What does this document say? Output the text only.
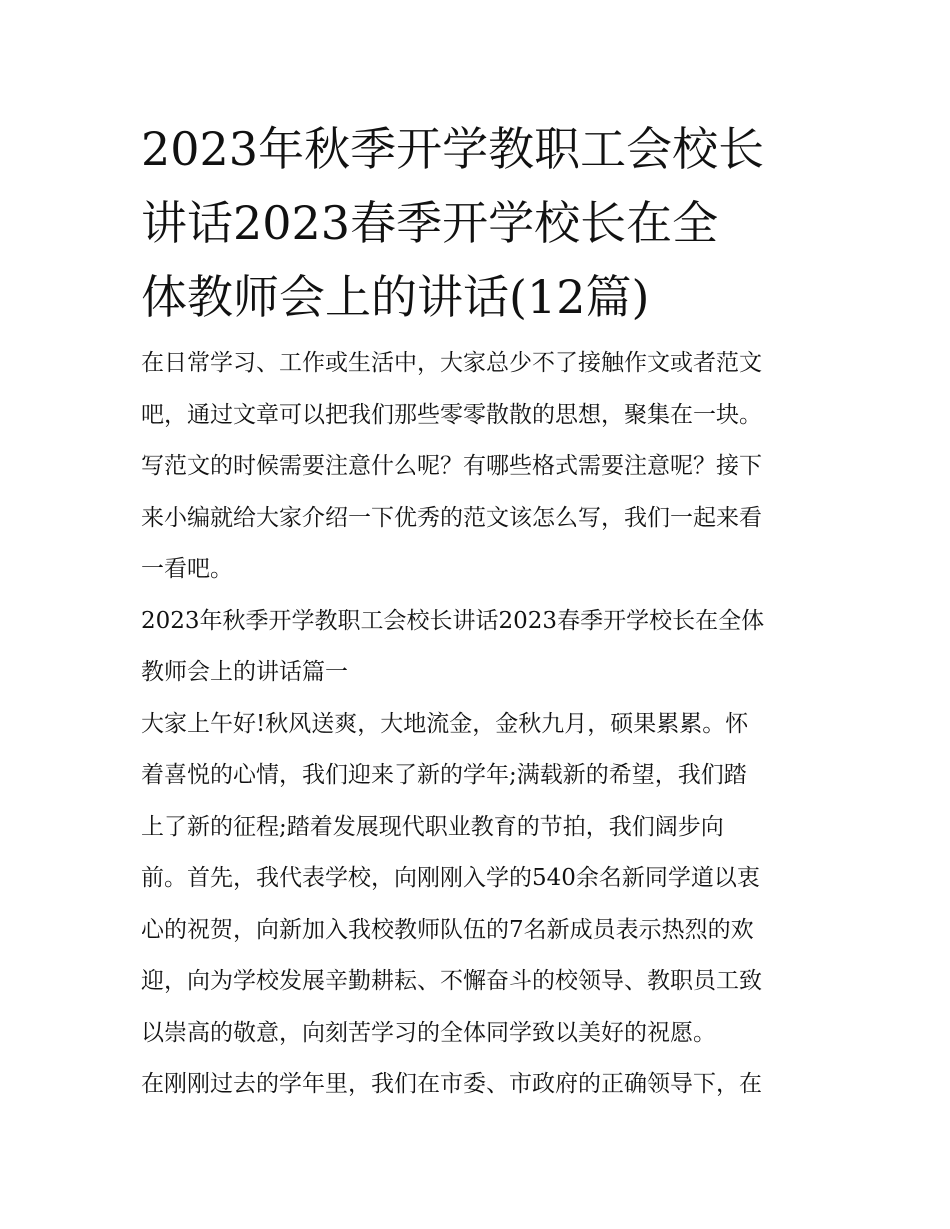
2023年秋季开学教职工会校长
讲话2023春季开学校长在全
体教师会上的讲话(12篇)
在日常学习、工作或生活中，大家总少不了接触作文或者范文
吧，通过文章可以把我们那些零零散散的思想，聚集在一块。
写范文的时候需要注意什么呢？有哪些格式需要注意呢？接下
来小编就给大家介绍一下优秀的范文该怎么写，我们一起来看
一看吧。
2023年秋季开学教职工会校长讲话2023春季开学校长在全体
教师会上的讲话篇一
大家上午好!秋风送爽，大地流金，金秋九月，硕果累累。怀
着喜悦的心情，我们迎来了新的学年;满载新的希望，我们踏
上了新的征程;踏着发展现代职业教育的节拍，我们阔步向
前。首先，我代表学校，向刚刚入学的540余名新同学道以衷
心的祝贺，向新加入我校教师队伍的7名新成员表示热烈的欢
迎，向为学校发展辛勤耕耘、不懈奋斗的校领导、教职员工致
以崇高的敬意，向刻苦学习的全体同学致以美好的祝愿。
在刚刚过去的学年里，我们在市委、市政府的正确领导下，在
